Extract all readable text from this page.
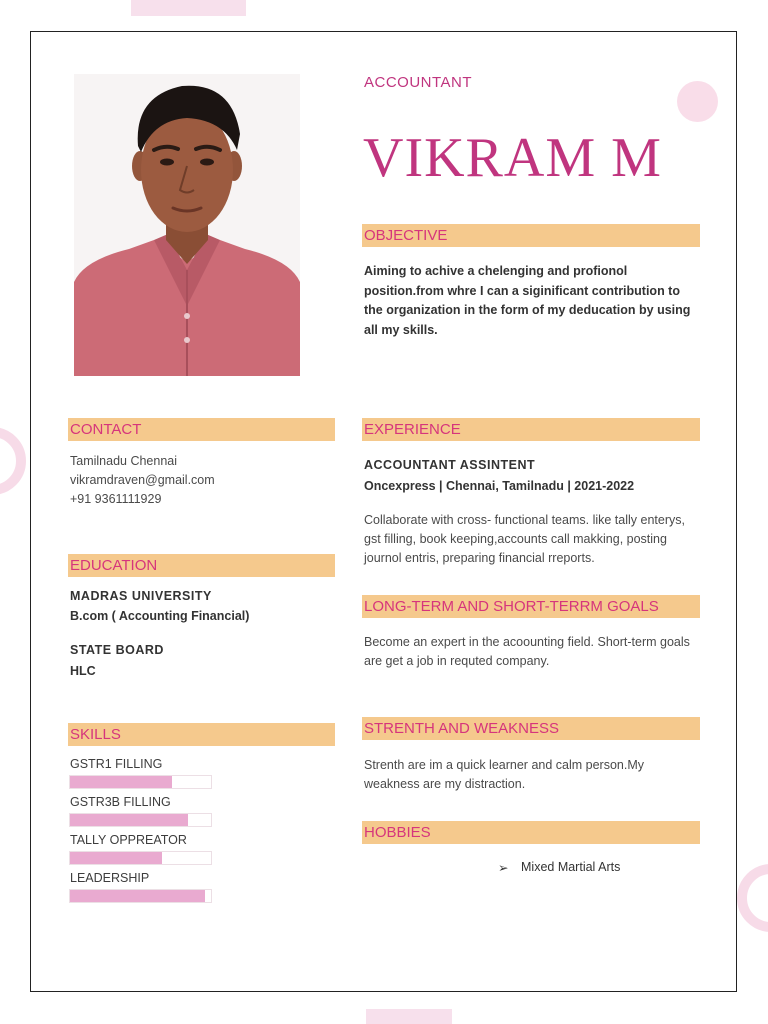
ACCOUNTANT
VIKRAM M
OBJECTIVE
Aiming to achive a chelenging and profionol position.from whre I can a siginificant contribution to the organization in the form of my deducation by using all my skills.
CONTACT
Tamilnadu Chennai
vikramdraven@gmail.com
+91 9361111929
EDUCATION
MADRAS UNIVERSITY
B.com ( Accounting Financial)
STATE BOARD
HLC
SKILLS
GSTR1 FILLING
GSTR3B FILLING
TALLY OPPREATOR
LEADERSHIP
EXPERIENCE
ACCOUNTANT ASSINTENT
Oncexpress | Chennai, Tamilnadu | 2021-2022
Collaborate with cross- functional teams. like tally enterys, gst filling, book keeping,accounts call makking, posting journol entris, preparing financial rreports.
LONG-TERM AND SHORT-TERRM GOALS
Become an expert in the acoounting field. Short-term goals are get a job in requted company.
STRENTH AND WEAKNESS
Strenth are im a quick learner and calm person.My weakness are my distraction.
HOBBIES
➢ Mixed Martial Arts
